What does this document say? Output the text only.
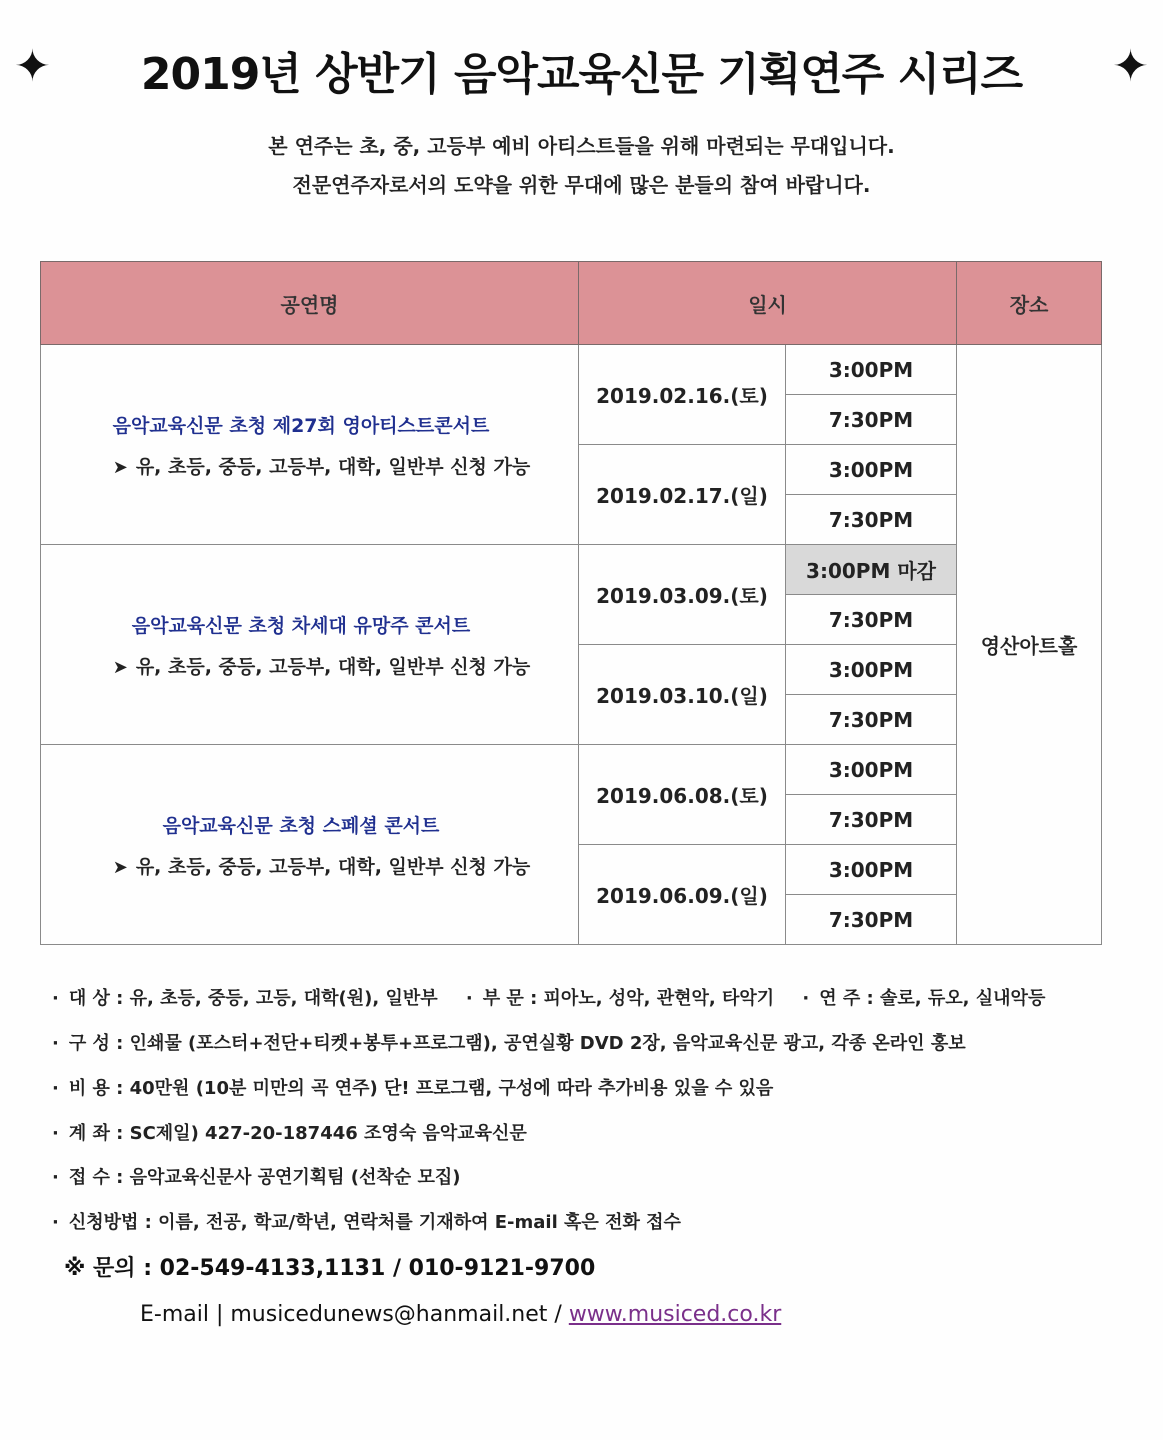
✦ 2019년 상반기 음악교육신문 기획연주 시리즈 ✦
본 연주는 초, 중, 고등부 예비 아티스트들을 위해 마련되는 무대입니다.
전문연주자로서의 도약을 위한 무대에 많은 분들의 참여 바랍니다.
공연명	일시		장소

음악교육신문 초청 제27회 영아티스트콘서트
➤ 유, 초등, 중등, 고등부, 대학, 일반부 신청 가능	2019.02.16.(토)	3:00PM	영산아트홀
		7:30PM	
	2019.02.17.(일)	3:00PM	
		7:30PM	

음악교육신문 초청 차세대 유망주 콘서트
➤ 유, 초등, 중등, 고등부, 대학, 일반부 신청 가능	2019.03.09.(토)	3:00PM 마감	
		7:30PM	
	2019.03.10.(일)	3:00PM	
		7:30PM	

음악교육신문 초청 스페셜 콘서트
➤ 유, 초등, 중등, 고등부, 대학, 일반부 신청 가능	2019.06.08.(토)	3:00PM	
		7:30PM	
	2019.06.09.(일)	3:00PM	
		7:30PM	
· 대 상 : 유, 초등, 중등, 고등, 대학(원), 일반부 · 부 문 : 피아노, 성악, 관현악, 타악기 · 연 주 : 솔로, 듀오, 실내악등
· 구 성 : 인쇄물 (포스터+전단+티켓+봉투+프로그램), 공연실황 DVD 2장, 음악교육신문 광고, 각종 온라인 홍보
· 비 용 : 40만원 (10분 미만의 곡 연주) 단! 프로그램, 구성에 따라 추가비용 있을 수 있음
· 계 좌 : SC제일) 427-20-187446 조영숙 음악교육신문
· 접 수 : 음악교육신문사 공연기획팀 (선착순 모집)
· 신청방법 : 이름, 전공, 학교/학년, 연락처를 기재하여 E-mail 혹은 전화 접수
※ 문의 : 02-549-4133,1131 / 010-9121-9700
E-mail | musicedunews@hanmail.net / www.musiced.co.kr
